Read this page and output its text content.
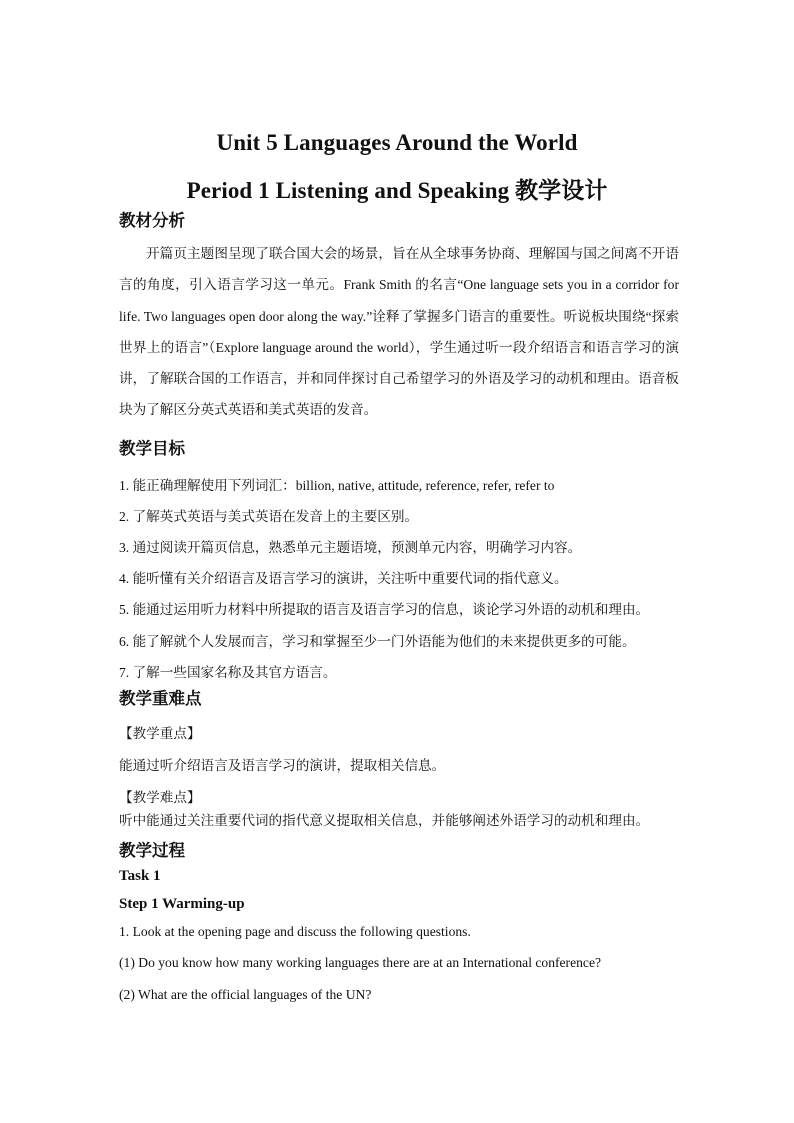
Unit 5 Languages Around the World
Period 1 Listening and Speaking 教学设计
教材分析
开篇页主题图呈现了联合国大会的场景，旨在从全球事务协商、理解国与国之间离不开语言的角度，引入语言学习这一单元。Frank Smith 的名言“One language sets you in a corridor for life. Two languages open door along the way.”诠释了掌握多门语言的重要性。听说板块围绕“探索世界上的语言”（Explore language around the world），学生通过听一段介绍语言和语言学习的演讲，了解联合国的工作语言，并和同伴探讨自己希望学习的外语及学习的动机和理由。语音板块为了解区分英式英语和美式英语的发音。
教学目标
1. 能正确理解使用下列词汇：billion, native, attitude, reference, refer, refer to
2. 了解英式英语与美式英语在发音上的主要区别。
3. 通过阅读开篇页信息，熟悉单元主题语境，预测单元内容，明确学习内容。
4. 能听懂有关介绍语言及语言学习的演讲，关注听中重要代词的指代意义。
5. 能通过运用听力材料中所提取的语言及语言学习的信息，谈论学习外语的动机和理由。
6. 能了解就个人发展而言，学习和掌握至少一门外语能为他们的未来提供更多的可能。
7. 了解一些国家名称及其官方语言。
教学重难点
【教学重点】
能通过听介绍语言及语言学习的演讲，提取相关信息。
【教学难点】
听中能通过关注重要代词的指代意义提取相关信息，并能够阐述外语学习的动机和理由。
教学过程
Task 1
Step 1 Warming-up
1. Look at the opening page and discuss the following questions.
(1) Do you know how many working languages there are at an International conference?
(2) What are the official languages of the UN?
